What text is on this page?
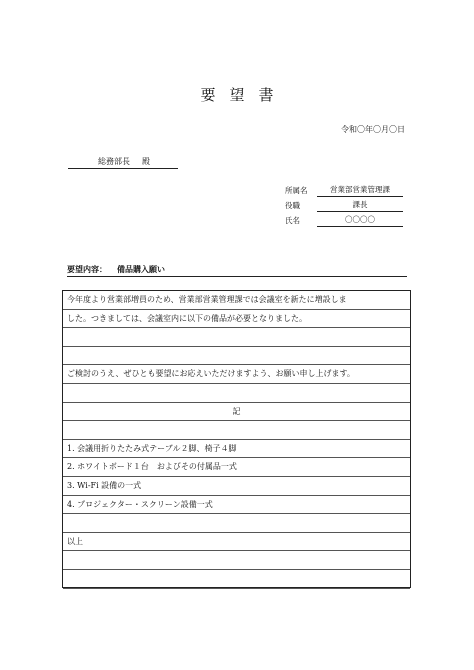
要望書
令和〇年〇月〇日
総務部長 殿
所属名	営業部営業管理課
役職	課長
氏名	〇〇〇〇
要望内容： 備品購入願い
今年度より営業部増員のため、営業部営業管理課では会議室を新たに増設しま
した。つきましては、会議室内に以下の備品が必要となりました。
ご検討のうえ、ぜひとも要望にお応えいただけますよう、お願い申し上げます。
記
1. 会議用折りたたみ式テーブル２脚、椅子４脚
2. ホワイトボード１台　およびその付属品一式
3. Wi-Fi 設備の一式
4. プロジェクター・スクリーン設備一式
以上
